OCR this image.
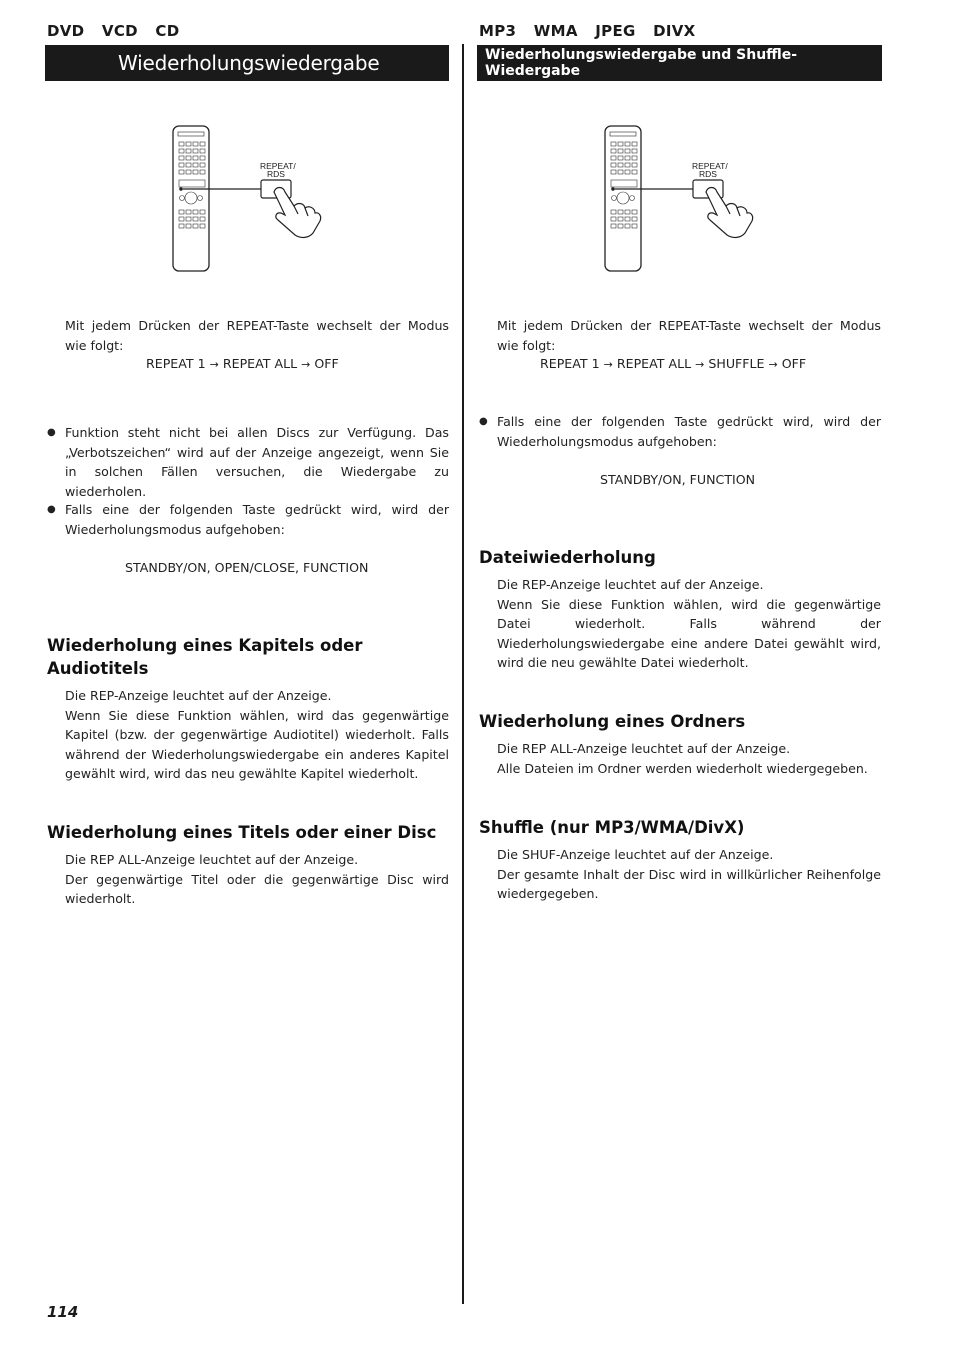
DVD VCD CD
Wiederholungswiedergabe
REPEAT/
RDS
Mit jedem Drücken der REPEAT-Taste wechselt der Modus wie folgt:
REPEAT 1 → REPEAT ALL → OFF
● Funktion steht nicht bei allen Discs zur Verfügung. Das „Verbotszeichen“ wird auf der Anzeige angezeigt, wenn Sie in solchen Fällen versuchen, die Wiedergabe zu wiederholen.
● Falls eine der folgenden Taste gedrückt wird, wird der Wiederholungsmodus aufgehoben:
STANDBY/ON, OPEN/CLOSE, FUNCTION
Wiederholung eines Kapitels oder
Audiotitels
Die REP-Anzeige leuchtet auf der Anzeige.
Wenn Sie diese Funktion wählen, wird das gegenwärtige Kapitel (bzw. der gegenwärtige Audiotitel) wiederholt. Falls während der Wiederholungswiedergabe ein anderes Kapitel gewählt wird, wird das neu gewählte Kapitel wiederholt.
Wiederholung eines Titels oder einer Disc
Die REP ALL-Anzeige leuchtet auf der Anzeige.
Der gegenwärtige Titel oder die gegenwärtige Disc wird wiederholt.
114
MP3 WMA JPEG DIVX
Wiederholungswiedergabe und Shuffle-Wiedergabe
REPEAT/
RDS
Mit jedem Drücken der REPEAT-Taste wechselt der Modus wie folgt:
REPEAT 1 → REPEAT ALL → SHUFFLE → OFF
● Falls eine der folgenden Taste gedrückt wird, wird der Wiederholungsmodus aufgehoben:
STANDBY/ON, FUNCTION
Dateiwiederholung
Die REP-Anzeige leuchtet auf der Anzeige.
Wenn Sie diese Funktion wählen, wird die gegenwärtige Datei wiederholt. Falls während der Wiederholungswiedergabe eine andere Datei gewählt wird, wird die neu gewählte Datei wiederholt.
Wiederholung eines Ordners
Die REP ALL-Anzeige leuchtet auf der Anzeige.
Alle Dateien im Ordner werden wiederholt wiedergegeben.
Shuffle (nur MP3/WMA/DivX)
Die SHUF-Anzeige leuchtet auf der Anzeige.
Der gesamte Inhalt der Disc wird in willkürlicher Reihenfolge wiedergegeben.
